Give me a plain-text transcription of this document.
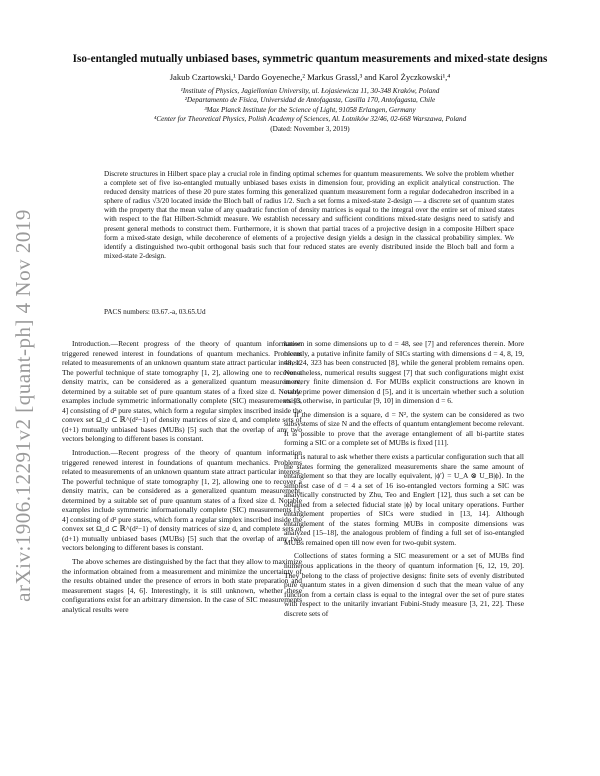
arXiv:1906.12291v2 [quant-ph] 4 Nov 2019
Iso-entangled mutually unbiased bases, symmetric quantum measurements and mixed-state designs
Jakub Czartowski,¹ Dardo Goyeneche,² Markus Grassl,³ and Karol Życzkowski¹,⁴
¹Institute of Physics, Jagiellonian University, ul. Łojasiewicza 11, 30-348 Kraków, Poland
²Departamento de Física, Universidad de Antofagasta, Casilla 170, Antofagasta, Chile
³Max Planck Institute for the Science of Light, 91058 Erlangen, Germany
⁴Center for Theoretical Physics, Polish Academy of Sciences, Al. Lotników 32/46, 02-668 Warszawa, Poland
(Dated: November 3, 2019)
Discrete structures in Hilbert space play a crucial role in finding optimal schemes for quantum measurements. We solve the problem whether a complete set of five iso-entangled mutually unbiased bases exists in dimension four, providing an explicit analytical construction. The reduced density matrices of these 20 pure states forming this generalized quantum measurement form a regular dodecahedron inscribed in a sphere of radius √3/20 located inside the Bloch ball of radius 1/2. Such a set forms a mixed-state 2-design — a discrete set of quantum states with the property that the mean value of any quadratic function of density matrices is equal to the integral over the entire set of mixed states with respect to the flat Hilbert-Schmidt measure. We establish necessary and sufficient conditions mixed-state designs need to satisfy and present general methods to construct them. Furthermore, it is shown that partial traces of a projective design in a composite Hilbert space form a mixed-state design, while decoherence of elements of a projective design yields a design in the classical probability simplex. We identify a distinguished two-qubit orthogonal basis such that four reduced states are evenly distributed inside the Bloch ball and form a mixed-state 2-design.
PACS numbers: 03.67.-a, 03.65.Ud

Introduction.—Recent progress of the theory of quantum information triggered renewed interest in foundations of quantum mechanics. Problems related to measurements of an unknown quantum state attract particular interest. The powerful technique of state tomography [1, 2], allowing one to recover a density matrix, can be considered as a generalized quantum measurement, determined by a suitable set of pure quantum states of a fixed size d. Notable examples include symmetric informationally complete (SIC) measurements [3, 4] consisting of d² pure states, which form a regular simplex inscribed inside the convex set Ω_d ⊂ ℝ^(d²−1) of density matrices of size d, and complete sets of (d+1) mutually unbiased bases (MUBs) [5] such that the overlap of any two vectors belonging to different bases is constant.

Introduction.—Recent progress of the theory of quantum information triggered renewed interest in foundations of quantum mechanics. Problems related to measurements of an unknown quantum state attract particular interest. The powerful technique of state tomography [1, 2], allowing one to recover a density matrix, can be considered as a generalized quantum measurement, determined by a suitable set of pure quantum states of a fixed size d. Notable examples include symmetric informationally complete (SIC) measurements [3, 4] consisting of d² pure states, which form a regular simplex inscribed inside the convex set Ω_d ⊂ ℝ^(d²−1) of density matrices of size d, and complete sets of (d+1) mutually unbiased bases (MUBs) [5] such that the overlap of any two vectors belonging to different bases is constant.

The above schemes are distinguished by the fact that they allow to maximize the information obtained from a measurement and minimize the uncertainty of the results obtained under the presence of errors in both state preparation and measurement stages [4, 6]. Interestingly, it is still unknown, whether these configurations exist for an arbitrary dimension. In the case of SIC measurements analytical results were

known in some dimensions up to d = 48, see [7] and references therein. More recently, a putative infinite family of SICs starting with dimensions d = 4, 8, 19, 48, 124, 323 has been constructed [8], while the general problem remains open. Nonetheless, numerical results suggest [7] that such configurations might exist in every finite dimension d. For MUBs explicit constructions are known in every prime power dimension d [5], and it is uncertain whether such a solution exists otherwise, in particular [9, 10] in dimension d = 6.

If the dimension is a square, d = N², the system can be considered as two subsystems of size N and the effects of quantum entanglement become relevant. It is possible to prove that the average entanglement of all bi-partite states forming a SIC or a complete set of MUBs is fixed [11].

It is natural to ask whether there exists a particular configuration such that all the states forming the generalized measurements share the same amount of entanglement so that they are locally equivalent, |ϕ′⟩ = U_A ⊗ U_B|ϕ⟩. In the simplest case of d = 4 a set of 16 iso-entangled vectors forming a SIC was analytically constructed by Zhu, Teo and Englert [12], thus such a set can be obtained from a selected fiducial state |ϕ⟩ by local unitary operations. Further entanglement properties of SICs were studied in [13, 14]. Although entanglement of the states forming MUBs in composite dimensions was analyzed [15–18], the analogous problem of finding a full set of iso-entangled MUBs remained open till now even for two-qubit system.

Collections of states forming a SIC measurement or a set of MUBs find numerous applications in the theory of quantum information [6, 12, 19, 20]. They belong to the class of projective designs: finite sets of evenly distributed pure quantum states in a given dimension d such that the mean value of any function from a certain class is equal to the integral over the set of pure states with respect to the unitarily invariant Fubini-Study measure [3, 21, 22]. These discrete sets of
